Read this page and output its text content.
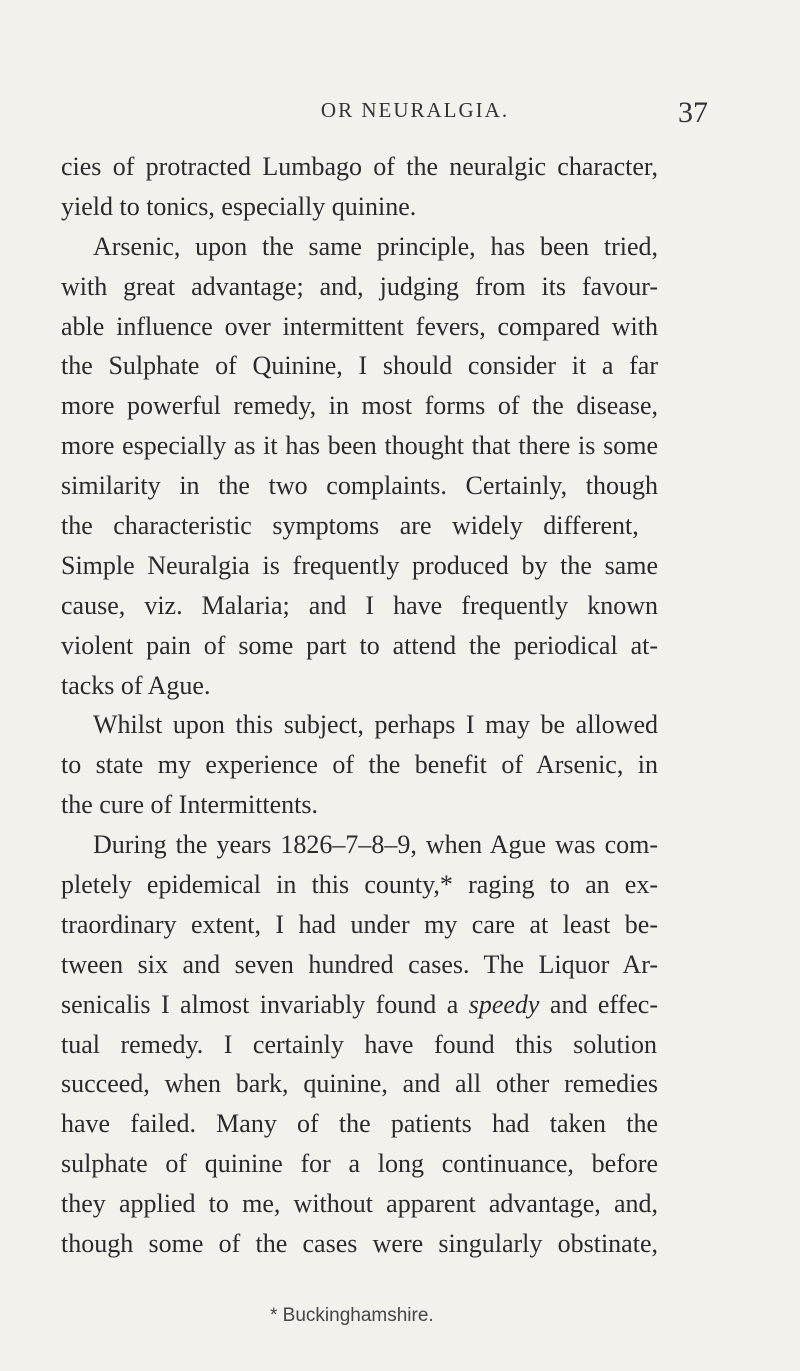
OR NEURALGIA.	37
cies of protracted Lumbago of the neuralgic character,
yield to tonics, especially quinine.
Arsenic, upon the same principle, has been tried,
with great advantage; and, judging from its favour-
able influence over intermittent fevers, compared with
the Sulphate of Quinine, I should consider it a far
more powerful remedy, in most forms of the disease,
more especially as it has been thought that there is some
similarity in the two complaints. Certainly, though
the characteristic symptoms are widely different,
Simple Neuralgia is frequently produced by the same
cause, viz. Malaria; and I have frequently known
violent pain of some part to attend the periodical at-
tacks of Ague.
Whilst upon this subject, perhaps I may be allowed
to state my experience of the benefit of Arsenic, in
the cure of Intermittents.
During the years 1826–7–8–9, when Ague was com-
pletely epidemical in this county,* raging to an ex-
traordinary extent, I had under my care at least be-
tween six and seven hundred cases. The Liquor Ar-
senicalis I almost invariably found a speedy and effec-
tual remedy. I certainly have found this solution
succeed, when bark, quinine, and all other remedies
have failed. Many of the patients had taken the
sulphate of quinine for a long continuance, before
they applied to me, without apparent advantage, and,
though some of the cases were singularly obstinate,
* Buckinghamshire.
